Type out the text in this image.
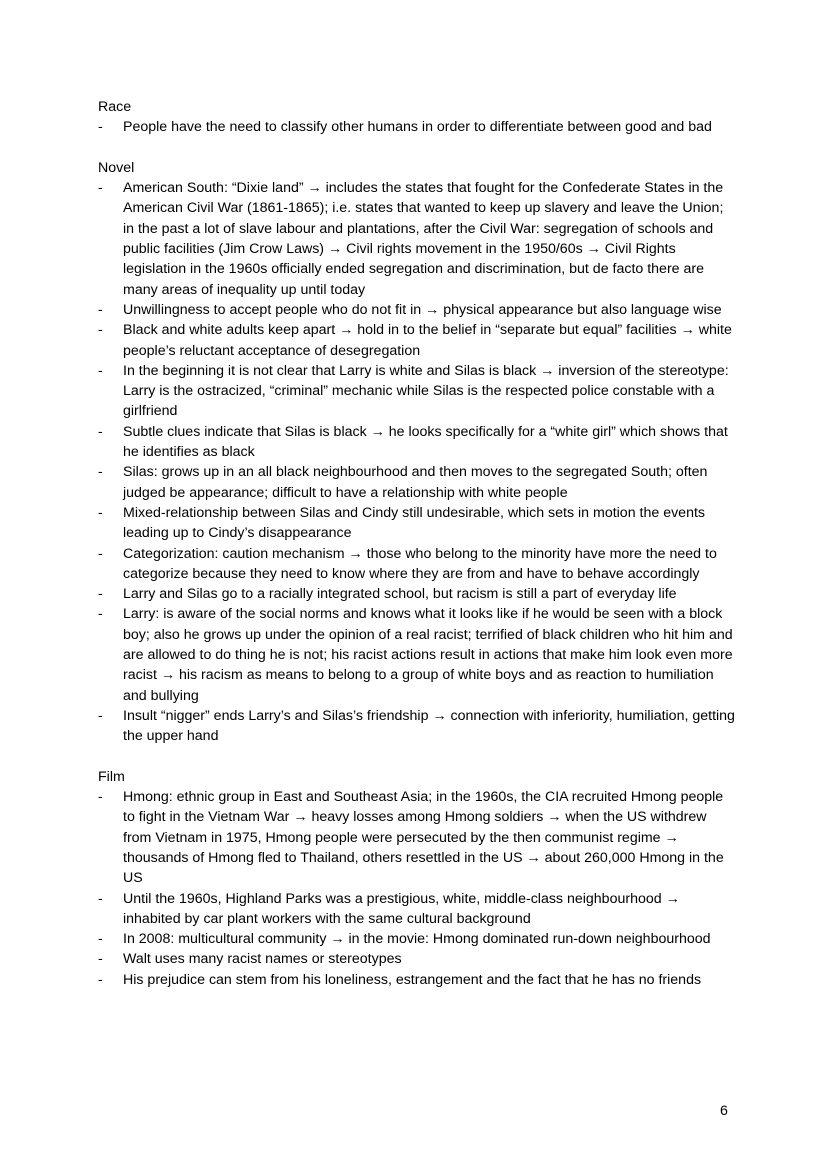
Race
-	People have the need to classify other humans in order to differentiate between good and bad
Novel
-	American South: “Dixie land” → includes the states that fought for the Confederate States in the American Civil War (1861-1865); i.e. states that wanted to keep up slavery and leave the Union; in the past a lot of slave labour and plantations, after the Civil War: segregation of schools and public facilities (Jim Crow Laws) → Civil rights movement in the 1950/60s → Civil Rights legislation in the 1960s officially ended segregation and discrimination, but de facto there are many areas of inequality up until today
-	Unwillingness to accept people who do not fit in → physical appearance but also language wise
-	Black and white adults keep apart → hold in to the belief in “separate but equal” facilities → white people’s reluctant acceptance of desegregation
-	In the beginning it is not clear that Larry is white and Silas is black → inversion of the stereotype: Larry is the ostracized, “criminal” mechanic while Silas is the respected police constable with a girlfriend
-	Subtle clues indicate that Silas is black → he looks specifically for a “white girl” which shows that he identifies as black
-	Silas: grows up in an all black neighbourhood and then moves to the segregated South; often judged be appearance; difficult to have a relationship with white people
-	Mixed-relationship between Silas and Cindy still undesirable, which sets in motion the events leading up to Cindy’s disappearance
-	Categorization: caution mechanism → those who belong to the minority have more the need to categorize because they need to know where they are from and have to behave accordingly
-	Larry and Silas go to a racially integrated school, but racism is still a part of everyday life
-	Larry: is aware of the social norms and knows what it looks like if he would be seen with a block boy; also he grows up under the opinion of a real racist; terrified of black children who hit him and are allowed to do thing he is not; his racist actions result in actions that make him look even more racist → his racism as means to belong to a group of white boys and as reaction to humiliation and bullying
-	Insult “nigger” ends Larry’s and Silas’s friendship → connection with inferiority, humiliation, getting the upper hand
Film
-	Hmong: ethnic group in East and Southeast Asia; in the 1960s, the CIA recruited Hmong people to fight in the Vietnam War → heavy losses among Hmong soldiers → when the US withdrew from Vietnam in 1975, Hmong people were persecuted by the then communist regime → thousands of Hmong fled to Thailand, others resettled in the US → about 260,000 Hmong in the US
-	Until the 1960s, Highland Parks was a prestigious, white, middle-class neighbourhood → inhabited by car plant workers with the same cultural background
-	In 2008: multicultural community → in the movie: Hmong dominated run-down neighbourhood
-	Walt uses many racist names or stereotypes
-	His prejudice can stem from his loneliness, estrangement and the fact that he has no friends
6
